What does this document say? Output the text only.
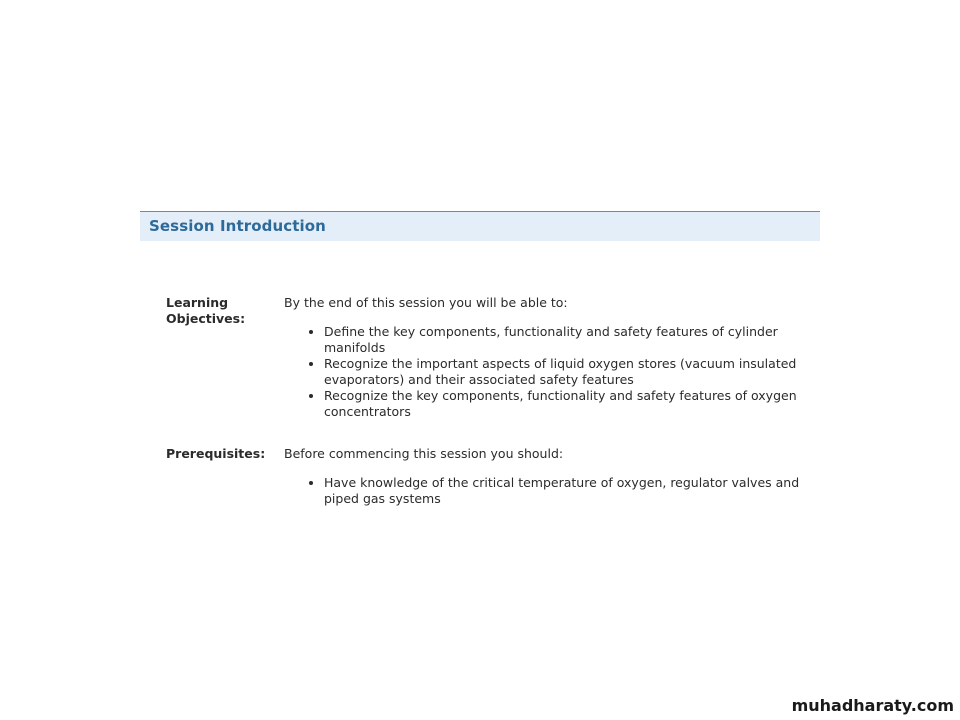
Session Introduction
Learning
Objectives:
By the end of this session you will be able to:
• Define the key components, functionality and safety features of cylinder manifolds
• Recognize the important aspects of liquid oxygen stores (vacuum insulated evaporators) and their associated safety features
• Recognize the key components, functionality and safety features of oxygen concentrators
Prerequisites: Before commencing this session you should:
• Have knowledge of the critical temperature of oxygen, regulator valves and piped gas systems
muhadharaty.com
